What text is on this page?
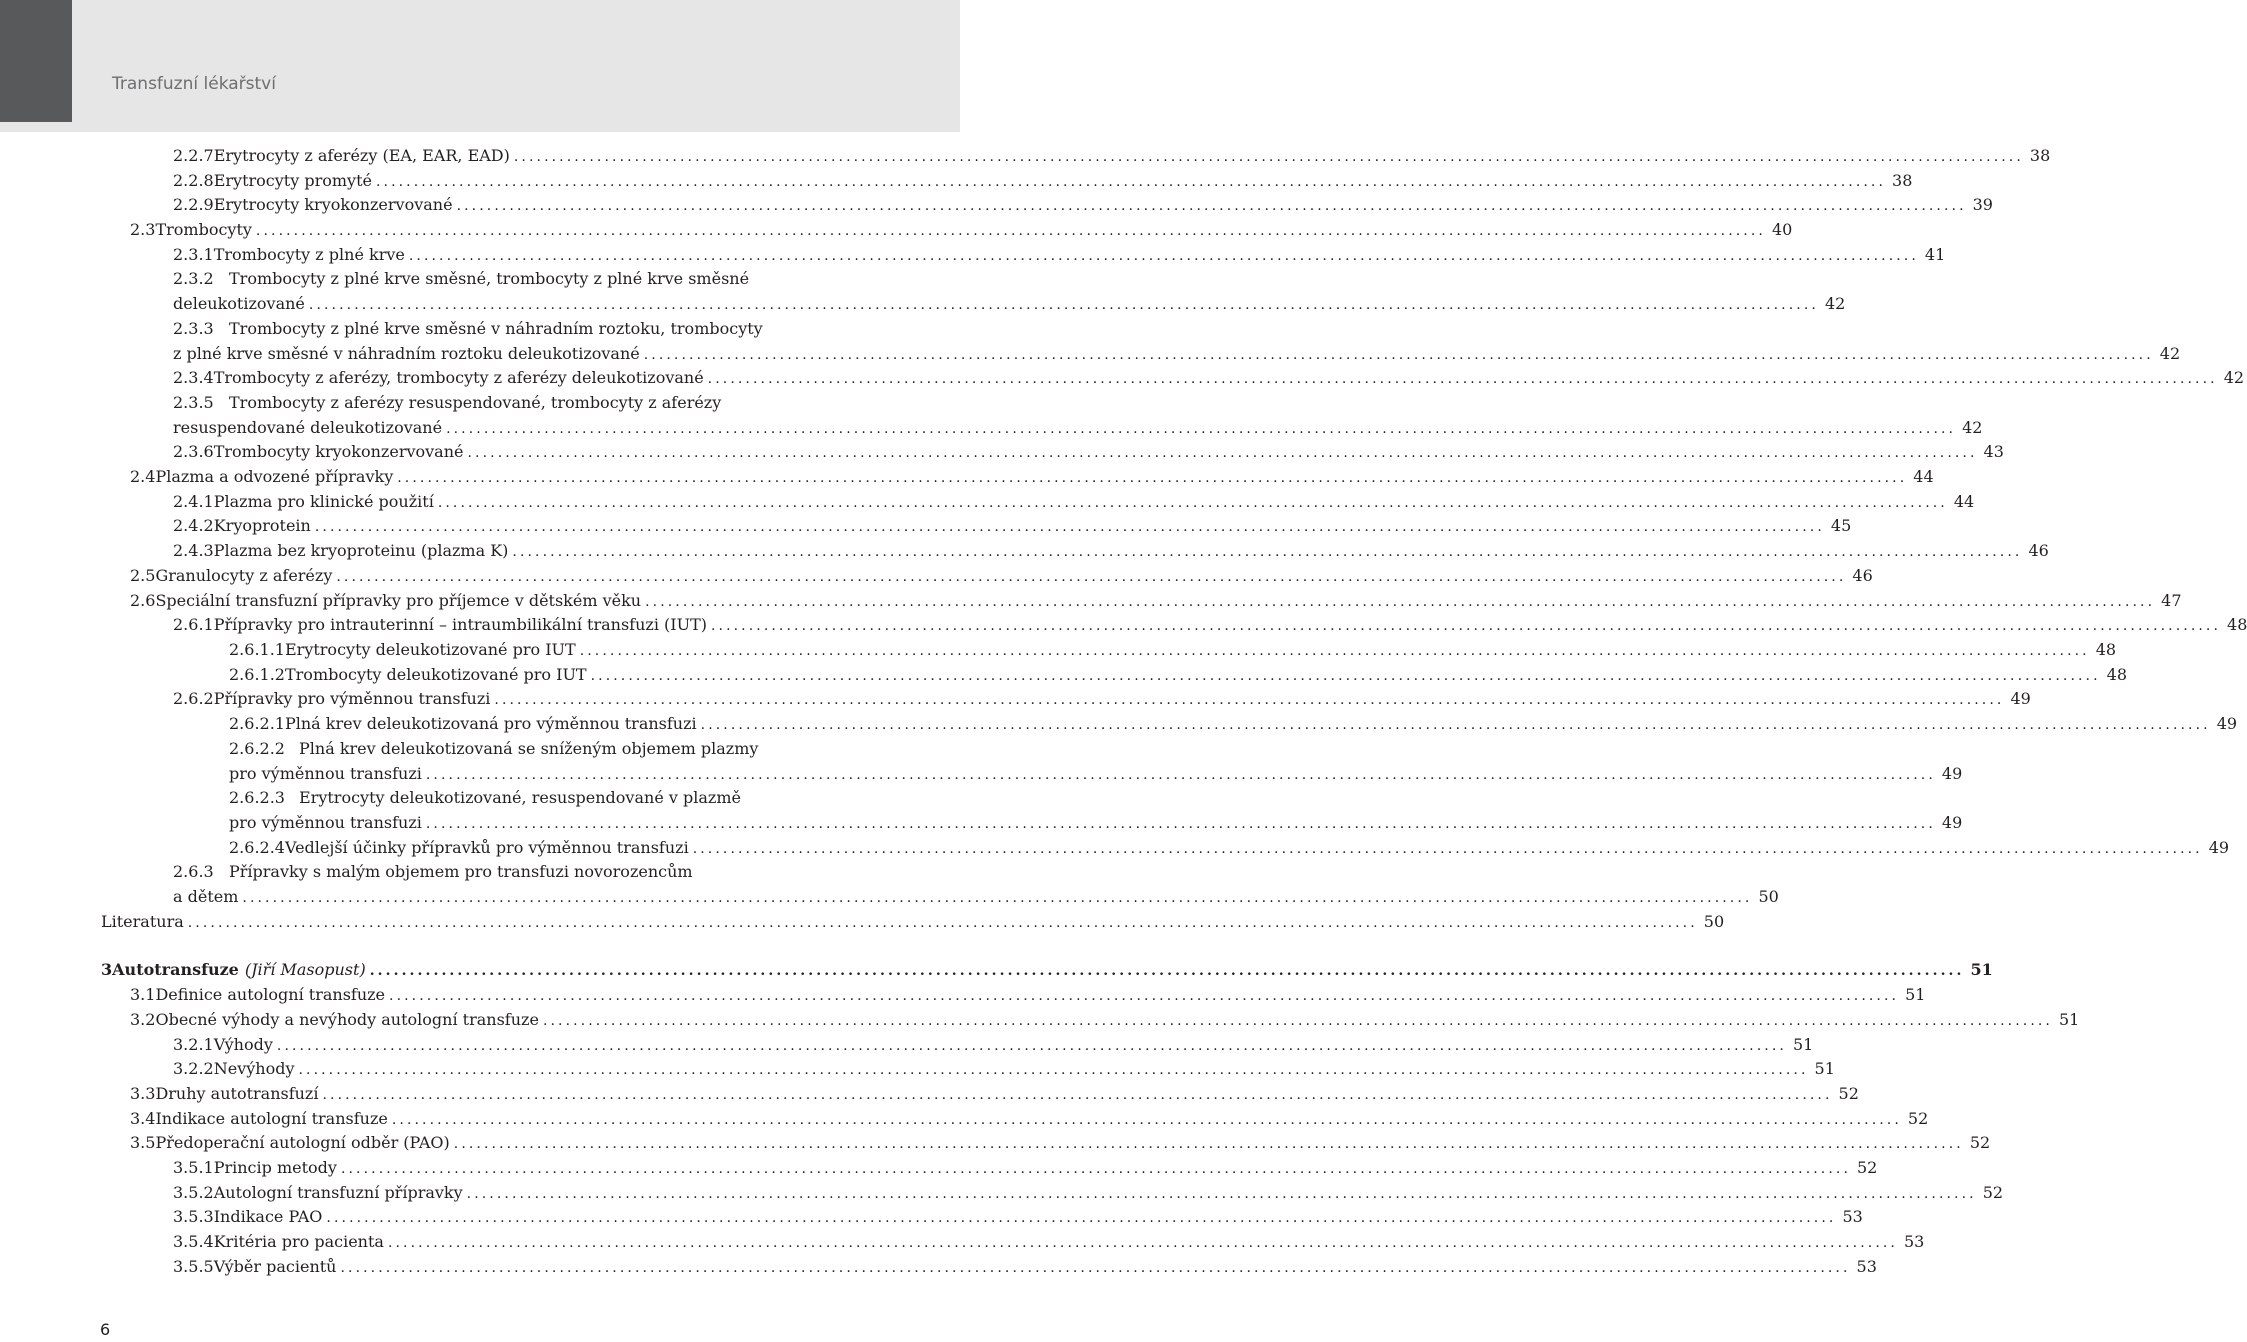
Transfuzní lékařství
2.2.7 Erytrocyty z aferézy (EA, EAR, EAD) ........................................................................................................................................................................................................ 38
2.2.8 Erytrocyty promyté ........................................................................................................................................................................................................ 38
2.2.9 Erytrocyty kryokonzervované ........................................................................................................................................................................................................ 39
2.3 Trombocyty ........................................................................................................................................................................................................ 40
2.3.1 Trombocyty z plné krve ........................................................................................................................................................................................................ 41
2.3.2 Trombocyty z plné krve směsné, trombocyty z plné krve směsné
deleukotizované ........................................................................................................................................................................................................ 42
2.3.3 Trombocyty z plné krve směsné v náhradním roztoku, trombocyty
z plné krve směsné v náhradním roztoku deleukotizované ........................................................................................................................................................................................................ 42
2.3.4 Trombocyty z aferézy, trombocyty z aferézy deleukotizované ........................................................................................................................................................................................................ 42
2.3.5 Trombocyty z aferézy resuspendované, trombocyty z aferézy
resuspendované deleukotizované ........................................................................................................................................................................................................ 42
2.3.6 Trombocyty kryokonzervované ........................................................................................................................................................................................................ 43
2.4 Plazma a odvozené přípravky ........................................................................................................................................................................................................ 44
2.4.1 Plazma pro klinické použití ........................................................................................................................................................................................................ 44
2.4.2 Kryoprotein ........................................................................................................................................................................................................ 45
2.4.3 Plazma bez kryoproteinu (plazma K) ........................................................................................................................................................................................................ 46
2.5 Granulocyty z aferézy ........................................................................................................................................................................................................ 46
2.6 Speciální transfuzní přípravky pro příjemce v dětském věku ........................................................................................................................................................................................................ 47
2.6.1 Přípravky pro intrauterinní – intraumbilikální transfuzi (IUT) ........................................................................................................................................................................................................ 48
2.6.1.1 Erytrocyty deleukotizované pro IUT ........................................................................................................................................................................................................ 48
2.6.1.2 Trombocyty deleukotizované pro IUT ........................................................................................................................................................................................................ 48
2.6.2 Přípravky pro výměnnou transfuzi ........................................................................................................................................................................................................ 49
2.6.2.1 Plná krev deleukotizovaná pro výměnnou transfuzi ........................................................................................................................................................................................................ 49
2.6.2.2 Plná krev deleukotizovaná se sníženým objemem plazmy
pro výměnnou transfuzi ........................................................................................................................................................................................................ 49
2.6.2.3 Erytrocyty deleukotizované, resuspendované v plazmě
pro výměnnou transfuzi ........................................................................................................................................................................................................ 49
2.6.2.4 Vedlejší účinky přípravků pro výměnnou transfuzi ........................................................................................................................................................................................................ 49
2.6.3 Přípravky s malým objemem pro transfuzi novorozencům
a dětem ........................................................................................................................................................................................................ 50
Literatura ........................................................................................................................................................................................................ 50
3 Autotransfuze (Jiří Masopust) ........................................................................................................................................................................................................ 51
3.1 Definice autologní transfuze ........................................................................................................................................................................................................ 51
3.2 Obecné výhody a nevýhody autologní transfuze ........................................................................................................................................................................................................ 51
3.2.1 Výhody ........................................................................................................................................................................................................ 51
3.2.2 Nevýhody ........................................................................................................................................................................................................ 51
3.3 Druhy autotransfuzí ........................................................................................................................................................................................................ 52
3.4 Indikace autologní transfuze ........................................................................................................................................................................................................ 52
3.5 Předoperační autologní odběr (PAO) ........................................................................................................................................................................................................ 52
3.5.1 Princip metody ........................................................................................................................................................................................................ 52
3.5.2 Autologní transfuzní přípravky ........................................................................................................................................................................................................ 52
3.5.3 Indikace PAO ........................................................................................................................................................................................................ 53
3.5.4 Kritéria pro pacienta ........................................................................................................................................................................................................ 53
3.5.5 Výběr pacientů ........................................................................................................................................................................................................ 53
6
